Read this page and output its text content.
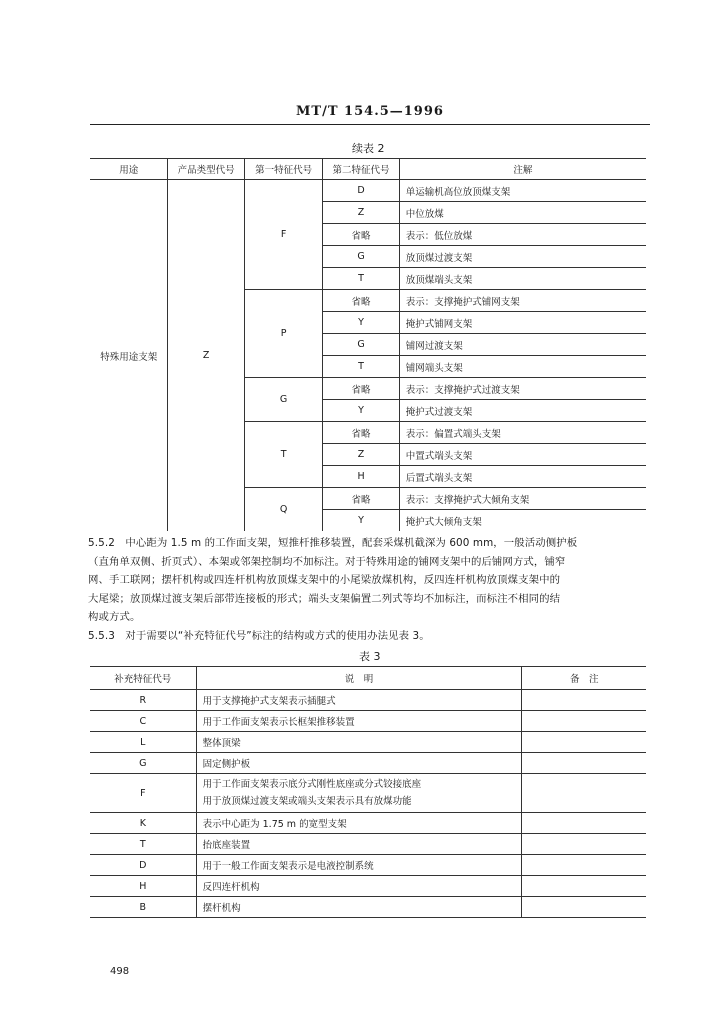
MT/T 154.5—1996
续表 2
用途	产品类型代号	第一特征代号	第二特征代号	注解
特殊用途支架	Z	F	D	单运输机高位放顶煤支架
			Z	中位放煤
			省略	表示：低位放煤
			G	放顶煤过渡支架
			T	放顶煤端头支架
		P	省略	表示：支撑掩护式铺网支架
			Y	掩护式铺网支架
			G	铺网过渡支架
			T	铺网端头支架
		G	省略	表示：支撑掩护式过渡支架
			Y	掩护式过渡支架
		T	省略	表示：偏置式端头支架
			Z	中置式端头支架
			H	后置式端头支架
		Q	省略	表示：支撑掩护式大倾角支架
			Y	掩护式大倾角支架
5.5.2　中心距为 1.5 m 的工作面支架，短推杆推移装置，配套采煤机截深为 600 mm，一般活动侧护板
（直角单双侧、折页式）、本架或邻架控制均不加标注。对于特殊用途的铺网支架中的后铺网方式，铺窄
网、手工联网；摆杆机构或四连杆机构放顶煤支架中的小尾梁放煤机构，反四连杆机构放顶煤支架中的
大尾梁；放顶煤过渡支架后部带连接板的形式；端头支架偏置二列式等均不加标注，而标注不相同的结
构或方式。
5.5.3　对于需要以“补充特征代号”标注的结构或方式的使用办法见表 3。
表 3
补充特征代号	说　明	备　注
R	用于支撑掩护式支架表示插腿式	

C	用于工作面支架表示长框架推移装置	

L	整体顶梁	

G	固定侧护板	

F	用于工作面支架表示底分式刚性底座或分式铰接底座
用于放顶煤过渡支架或端头支架表示具有放煤功能	

K	表示中心距为 1.75 m 的宽型支架	

T	抬底座装置	

D	用于一般工作面支架表示是电液控制系统	

H	反四连杆机构	

B	摆杆机构	

498
